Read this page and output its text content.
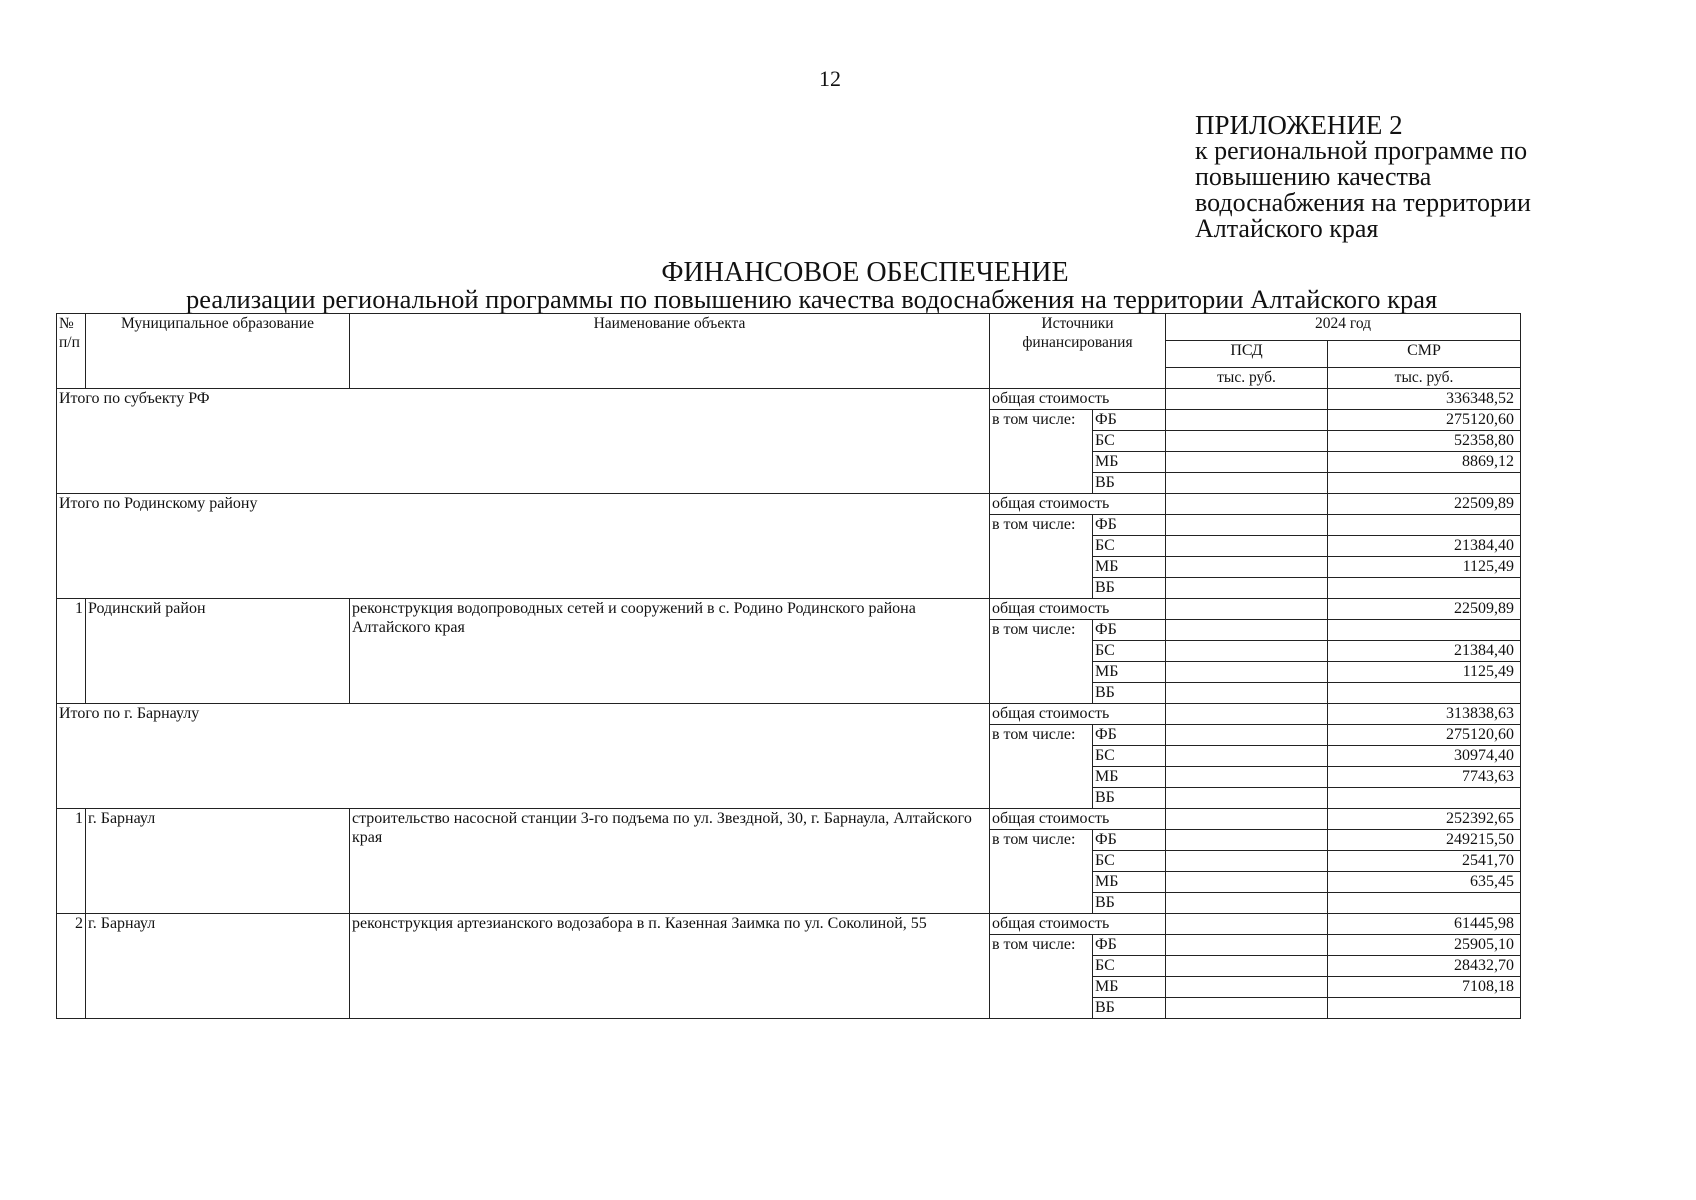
12
ПРИЛОЖЕНИЕ 2
к региональной программе по
повышению качества
водоснабжения на территории
Алтайского края
ФИНАНСОВОЕ ОБЕСПЕЧЕНИЕ
реализации региональной программы по повышению качества водоснабжения на территории Алтайского края
№ п/п	Муниципальное образование	Наименование объекта	Источники финансирования		2024 год	
					ПСД	СМР
					тыс. руб.	тыс. руб.
Итого по субъекту РФ			общая стоимость			336348,52
			в том числе:	ФБ		275120,60
				БС		52358,80
				МБ		8869,12
				ВБ		
Итого по Родинскому району			общая стоимость			22509,89
			в том числе:	ФБ		
				БС		21384,40
				МБ		1125,49
				ВБ		
1	Родинский район	реконструкция водопроводных сетей и сооружений в с. Родино Родинского района Алтайского края	общая стоимость			22509,89
			в том числе:	ФБ		
				БС		21384,40
				МБ		1125,49
				ВБ		
Итого по г. Барнаулу			общая стоимость			313838,63
			в том числе:	ФБ		275120,60
				БС		30974,40
				МБ		7743,63
				ВБ		
1	г. Барнаул	строительство насосной станции 3-го подъема по ул. Звездной, 30, г. Барнаула, Алтайского края	общая стоимость			252392,65
			в том числе:	ФБ		249215,50
				БС		2541,70
				МБ		635,45
				ВБ		
2	г. Барнаул	реконструкция артезианского водозабора в п. Казенная Заимка по ул. Соколиной, 55	общая стоимость			61445,98
			в том числе:	ФБ		25905,10
				БС		28432,70
				МБ		7108,18
				ВБ		
